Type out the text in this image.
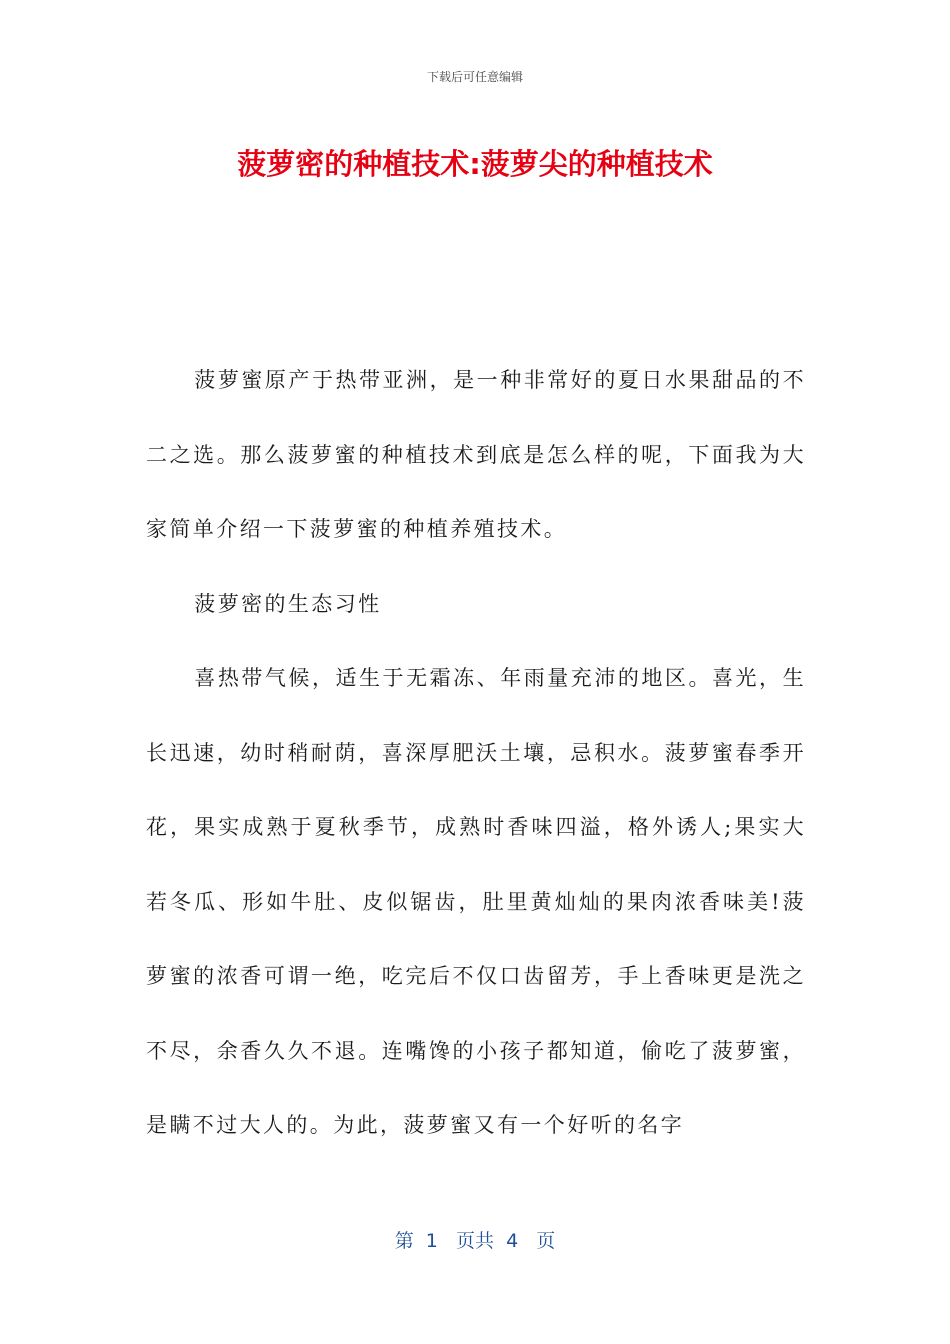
下载后可任意编辑
菠萝密的种植技术:菠萝尖的种植技术

菠萝蜜原产于热带亚洲，是一种非常好的夏日水果甜品的不二之选。那么菠萝蜜的种植技术到底是怎么样的呢，下面我为大家简单介绍一下菠萝蜜的种植养殖技术。

菠萝密的生态习性

喜热带气候，适生于无霜冻、年雨量充沛的地区。喜光，生长迅速，幼时稍耐荫，喜深厚肥沃土壤，忌积水。菠萝蜜春季开花，果实成熟于夏秋季节，成熟时香味四溢，格外诱人;果实大若冬瓜、形如牛肚、皮似锯齿，肚里黄灿灿的果肉浓香味美!菠萝蜜的浓香可谓一绝，吃完后不仅口齿留芳，手上香味更是洗之不尽，余香久久不退。连嘴馋的小孩子都知道，偷吃了菠萝蜜，是瞒不过大人的。为此，菠萝蜜又有一个好听的名字

第  1   页共  4   页
